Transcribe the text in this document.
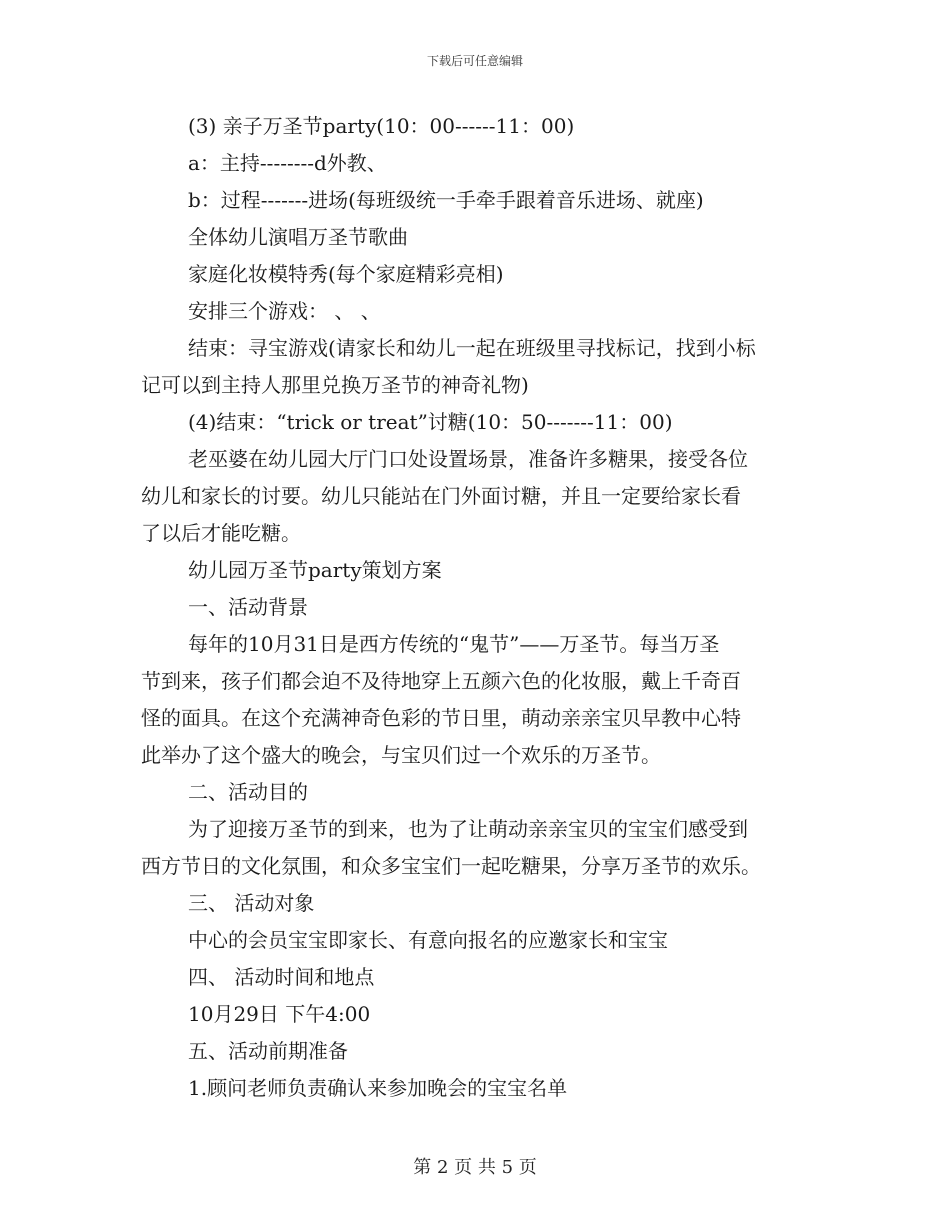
下载后可任意编辑
(3) 亲子万圣节party(10：00------11：00)
a：主持--------d外教、
b：过程-------进场(每班级统一手牵手跟着音乐进场、就座)
全体幼儿演唱万圣节歌曲
家庭化妆模特秀(每个家庭精彩亮相)
安排三个游戏： 、 、
结束：寻宝游戏(请家长和幼儿一起在班级里寻找标记，找到小标
记可以到主持人那里兑换万圣节的神奇礼物)
(4)结束：“trick or treat”讨糖(10：50-------11：00)
老巫婆在幼儿园大厅门口处设置场景，准备许多糖果，接受各位
幼儿和家长的讨要。幼儿只能站在门外面讨糖，并且一定要给家长看
了以后才能吃糖。
幼儿园万圣节party策划方案
一、活动背景
每年的10月31日是西方传统的“鬼节”——万圣节。每当万圣
节到来，孩子们都会迫不及待地穿上五颜六色的化妆服，戴上千奇百
怪的面具。在这个充满神奇色彩的节日里，萌动亲亲宝贝早教中心特
此举办了这个盛大的晚会，与宝贝们过一个欢乐的万圣节。
二、活动目的
为了迎接万圣节的到来，也为了让萌动亲亲宝贝的宝宝们感受到
西方节日的文化氛围，和众多宝宝们一起吃糖果，分享万圣节的欢乐。
三、 活动对象
中心的会员宝宝即家长、有意向报名的应邀家长和宝宝
四、 活动时间和地点
10月29日 下午4:00
五、活动前期准备
1.顾问老师负责确认来参加晚会的宝宝名单
第 2 页 共 5 页
